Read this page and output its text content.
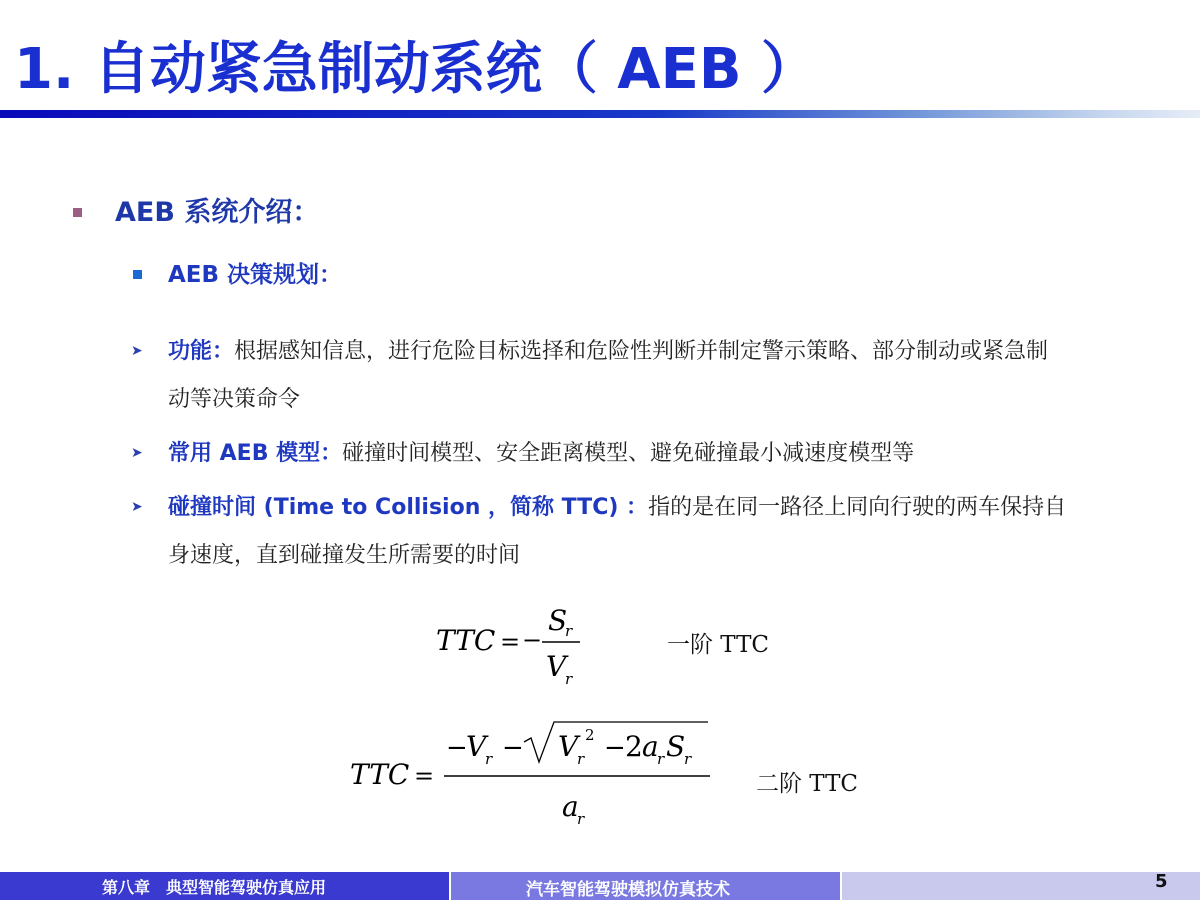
1. 自动紧急制动系统（ AEB ）

AEB 系统介绍：

AEB 决策规划：

➤ 功能：根据感知信息，进行危险目标选择和危险性判断并制定警示策略、部分制动或紧急制动等决策命令

➤ 常用 AEB 模型：碰撞时间模型、安全距离模型、避免碰撞最小减速度模型等

➤ 碰撞时间 (Time to Collision ，简称 TTC) ：指的是在同一路径上同向行驶的两车保持自身速度，直到碰撞发生所需要的时间

TTC = −
S
r
V
r
一阶 TTC
TTC =
−
V
r − V
r
2 − 2 a
r S
r
a
r
二阶 TTC
第八章　典型智能驾驶仿真应用	汽车智能驾驶模拟仿真技术	5
